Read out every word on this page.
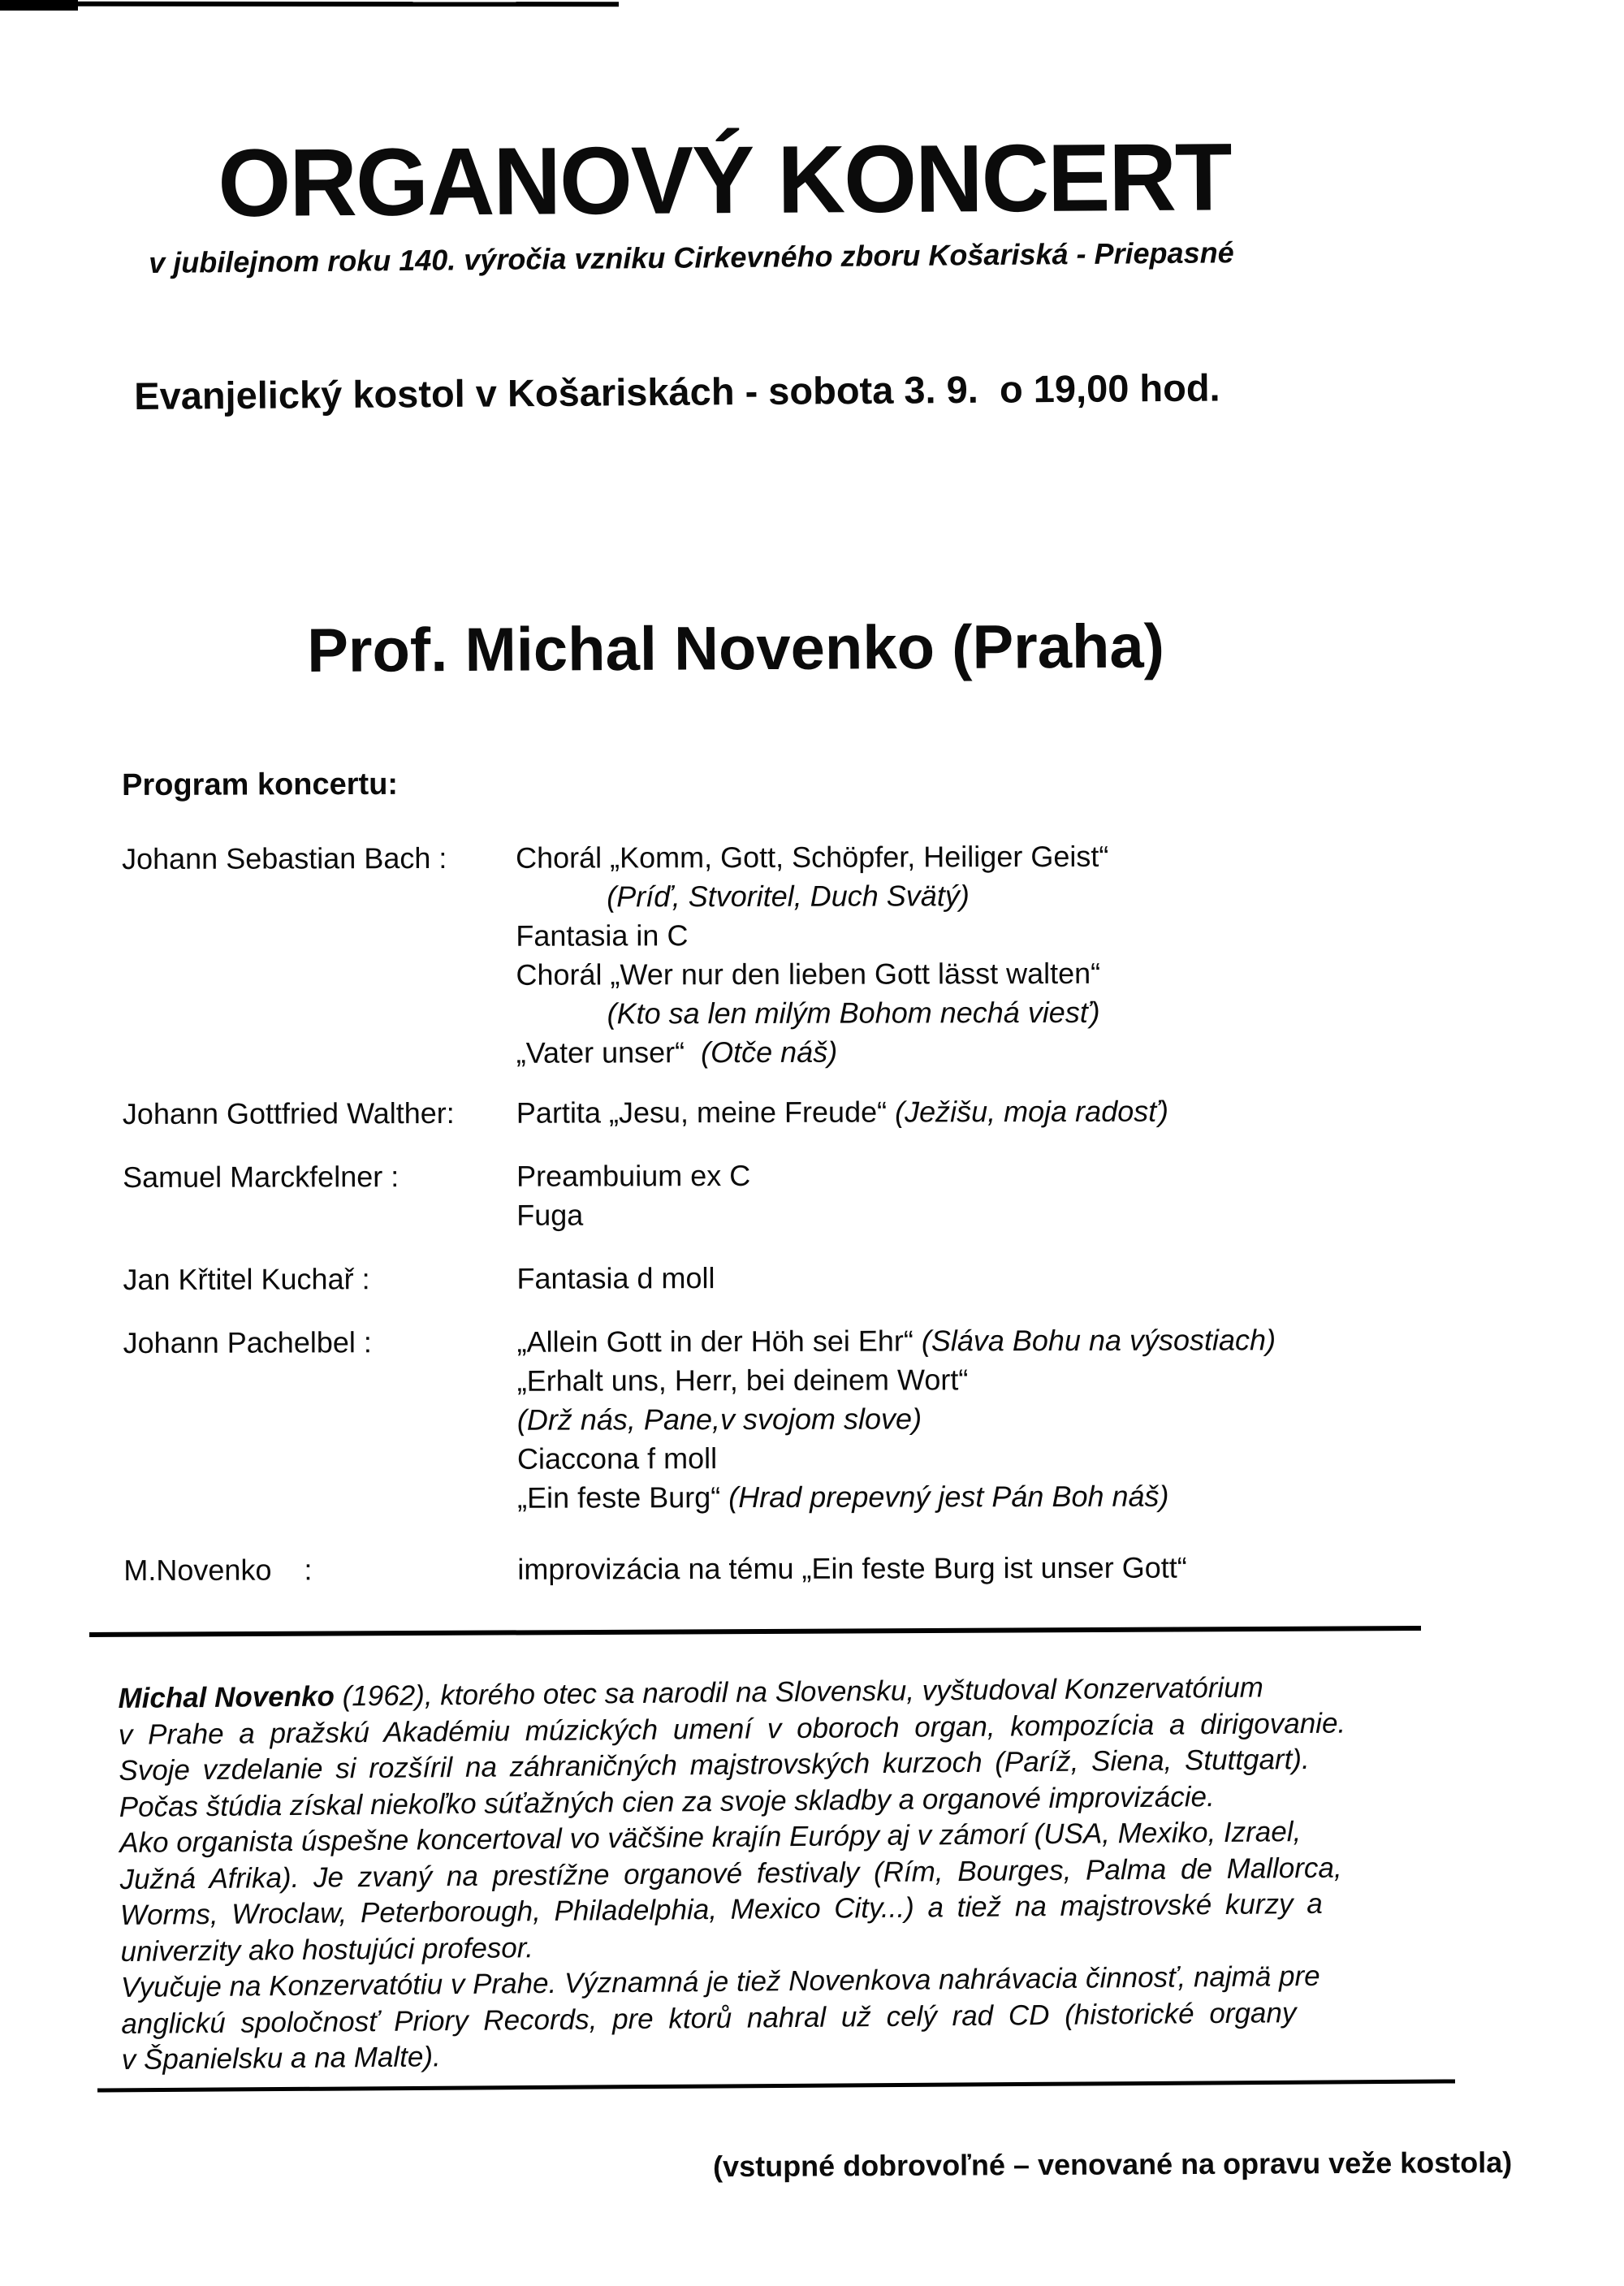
ORGANOVÝ KONCERT
v jubilejnom roku 140. výročia vzniku Cirkevného zboru Košariská - Priepasné
Evanjelický kostol v Košariskách - sobota 3. 9.  o 19,00 hod.
Prof. Michal Novenko (Praha)
Program koncertu:
Johann Sebastian Bach :	Chorál „Komm, Gott, Schöpfer, Heiliger Geist“
(Príď, Stvoritel, Duch Svätý)
Fantasia in C
Chorál „Wer nur den lieben Gott lässt walten“
(Kto sa len milým Bohom nechá viesť)
„Vater unser“  (Otče náš)
Johann Gottfried Walther:	Partita „Jesu, meine Freude“ (Ježišu, moja radosť)
Samuel Marckfelner :	Preambuium ex C
Fuga
Jan Křtitel Kuchař :	Fantasia d moll
Johann Pachelbel :	„Allein Gott in der Höh sei Ehr“ (Sláva Bohu na výsostiach)
„Erhalt uns, Herr, bei deinem Wort“
(Drž nás, Pane,v svojom slove)
Ciaccona f moll
„Ein feste Burg“ (Hrad prepevný jest Pán Boh náš)
M.Novenko    :	improvizácia na tému „Ein feste Burg ist unser Gott“
Michal Novenko (1962), ktorého otec sa narodil na Slovensku, vyštudoval Konzervatórium
v Prahe a pražskú Akadémiu múzických umení v oboroch organ, kompozícia a dirigovanie.
Svoje vzdelanie si rozšíril na záhraničných majstrovských kurzoch (Paríž, Siena, Stuttgart).
Počas štúdia získal niekoľko súťažných cien za svoje skladby a organové improvizácie.
Ako organista úspešne koncertoval vo väčšine krajín Európy aj v zámorí (USA, Mexiko, Izrael,
Južná Afrika). Je zvaný na prestížne organové festivaly (Rím, Bourges, Palma de Mallorca,
Worms, Wroclaw, Peterborough, Philadelphia, Mexico City...) a tiež na majstrovské kurzy a
univerzity ako hostujúci profesor.
Vyučuje na Konzervatótiu v Prahe. Významná je tiež Novenkova nahrávacia činnosť, najmä pre
anglickú spoločnosť Priory Records, pre ktorů nahral už celý rad CD (historické organy
v Španielsku a na Malte).
(vstupné dobrovoľné – venované na opravu veže kostola)
